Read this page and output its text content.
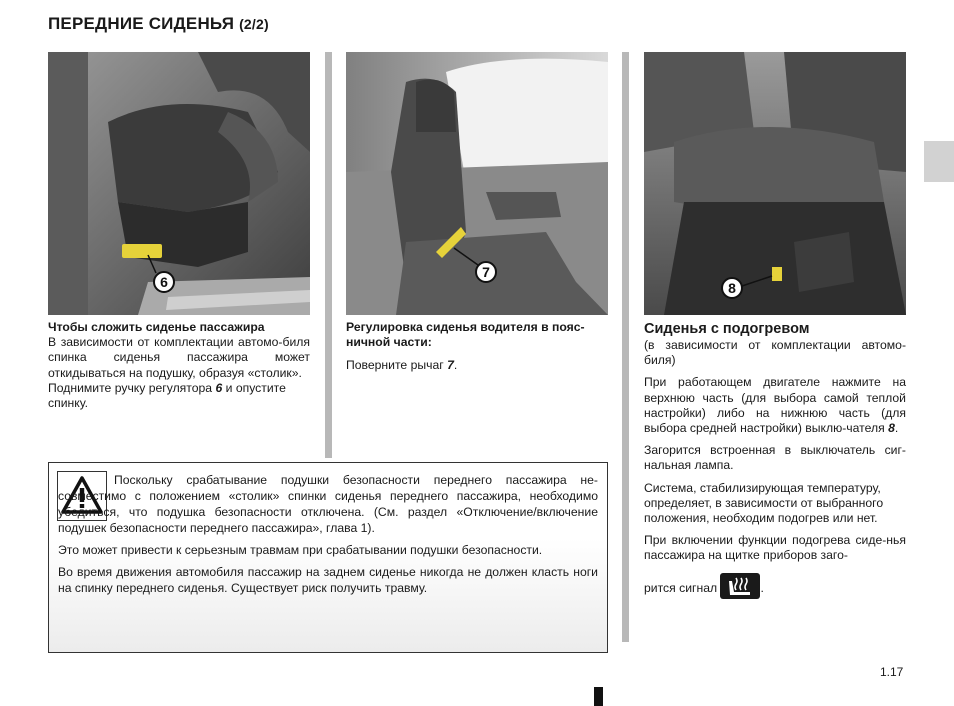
ПЕРЕДНИЕ СИДЕНЬЯ (2/2)
6
7
8

Чтобы сложить сиденье пассажира

В зависимости от комплектации автомо-биля спинка сиденья пассажира может откидываться на подушку, образуя «столик».

Поднимите ручку регулятора 6 и опустите спинку.

Регулировка сиденья водителя в пояс-ничной части:

Поверните рычаг 7.

Сиденья с подогревом

(в зависимости от комплектации автомо-биля)

При работающем двигателе нажмите на верхнюю часть (для выбора самой теплой настройки) либо на нижнюю часть (для выбора средней настройки) выклю-чателя 8.

Загорится встроенная в выключатель сиг-нальная лампа.

Система, стабилизирующая температуру, определяет, в зависимости от выбранного положения, необходим подогрев или нет.

При включении функции подогрева сиде-нья пассажира на щитке приборов заго-

рится сигнал	.

Поскольку срабатывание подушки безопасности переднего пассажира не-совместимо с положением «столик» спинки сиденья переднего пассажира, необходимо убедиться, что подушка безопасности отключена. (См. раздел «Отключение/включение подушек безопасности переднего пассажира», глава 1).

Это может привести к серьезным травмам при срабатывании подушки безопасности.

Во время движения автомобиля пассажир на заднем сиденье никогда не должен класть ноги на спинку переднего сиденья. Существует риск получить травму.

1.17
